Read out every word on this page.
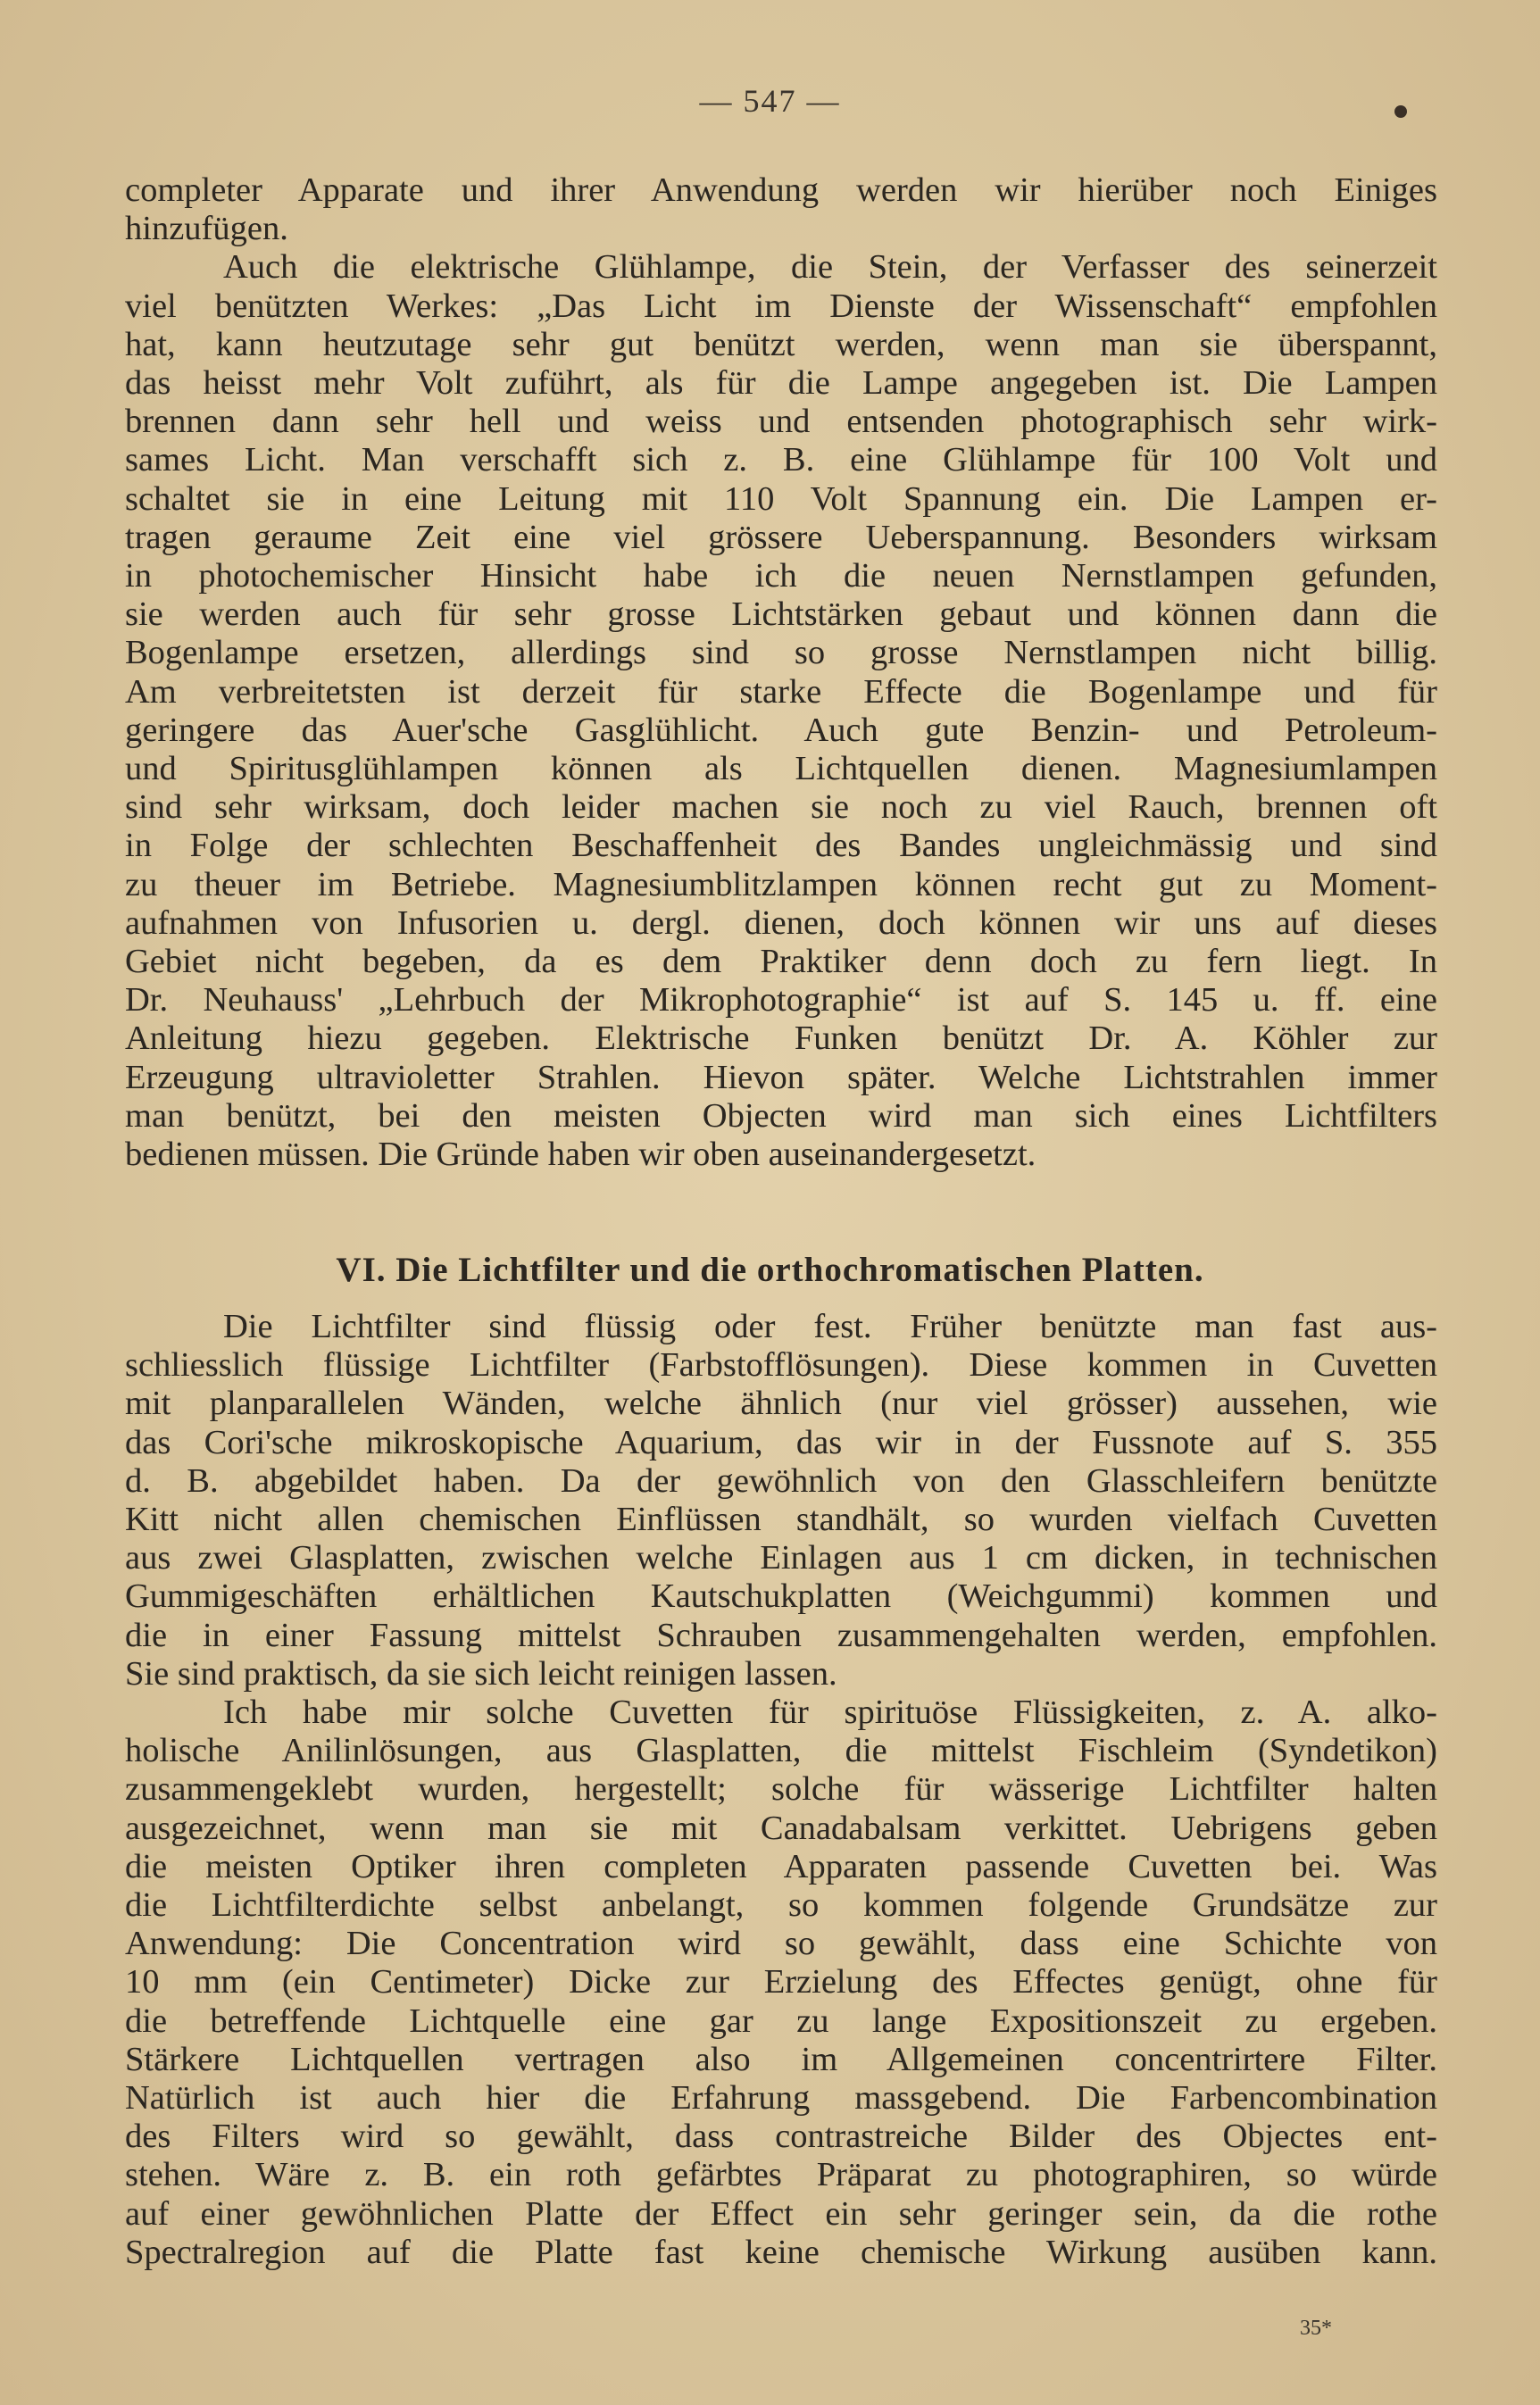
— 547 —
completer Apparate und ihrer Anwendung werden wir hierüber noch Einiges
hinzufügen.
Auch die elektrische Glühlampe, die Stein, der Verfasser des seinerzeit
viel benützten Werkes: „Das Licht im Dienste der Wissenschaft“ empfohlen
hat, kann heutzutage sehr gut benützt werden, wenn man sie überspannt,
das heisst mehr Volt zuführt, als für die Lampe angegeben ist. Die Lampen
brennen dann sehr hell und weiss und entsenden photographisch sehr wirk-
sames Licht. Man verschafft sich z. B. eine Glühlampe für 100 Volt und
schaltet sie in eine Leitung mit 110 Volt Spannung ein. Die Lampen er-
tragen geraume Zeit eine viel grössere Ueberspannung. Besonders wirksam
in photochemischer Hinsicht habe ich die neuen Nernstlampen gefunden,
sie werden auch für sehr grosse Lichtstärken gebaut und können dann die
Bogenlampe ersetzen, allerdings sind so grosse Nernstlampen nicht billig.
Am verbreitetsten ist derzeit für starke Effecte die Bogenlampe und für
geringere das Auer'sche Gasglühlicht. Auch gute Benzin- und Petroleum-
und Spiritusglühlampen können als Lichtquellen dienen. Magnesiumlampen
sind sehr wirksam, doch leider machen sie noch zu viel Rauch, brennen oft
in Folge der schlechten Beschaffenheit des Bandes ungleichmässig und sind
zu theuer im Betriebe. Magnesiumblitzlampen können recht gut zu Moment-
aufnahmen von Infusorien u. dergl. dienen, doch können wir uns auf dieses
Gebiet nicht begeben, da es dem Praktiker denn doch zu fern liegt. In
Dr. Neuhauss' „Lehrbuch der Mikrophotographie“ ist auf S. 145 u. ff. eine
Anleitung hiezu gegeben. Elektrische Funken benützt Dr. A. Köhler zur
Erzeugung ultravioletter Strahlen. Hievon später. Welche Lichtstrahlen immer
man benützt, bei den meisten Objecten wird man sich eines Lichtfilters
bedienen müssen. Die Gründe haben wir oben auseinandergesetzt.
VI. Die Lichtfilter und die orthochromatischen Platten.
Die Lichtfilter sind flüssig oder fest. Früher benützte man fast aus-
schliesslich flüssige Lichtfilter (Farbstofflösungen). Diese kommen in Cuvetten
mit planparallelen Wänden, welche ähnlich (nur viel grösser) aussehen, wie
das Cori'sche mikroskopische Aquarium, das wir in der Fussnote auf S. 355
d. B. abgebildet haben. Da der gewöhnlich von den Glasschleifern benützte
Kitt nicht allen chemischen Einflüssen standhält, so wurden vielfach Cuvetten
aus zwei Glasplatten, zwischen welche Einlagen aus 1 cm dicken, in technischen
Gummigeschäften erhältlichen Kautschukplatten (Weichgummi) kommen und
die in einer Fassung mittelst Schrauben zusammengehalten werden, empfohlen.
Sie sind praktisch, da sie sich leicht reinigen lassen.
Ich habe mir solche Cuvetten für spirituöse Flüssigkeiten, z. A. alko-
holische Anilinlösungen, aus Glasplatten, die mittelst Fischleim (Syndetikon)
zusammengeklebt wurden, hergestellt; solche für wässerige Lichtfilter halten
ausgezeichnet, wenn man sie mit Canadabalsam verkittet. Uebrigens geben
die meisten Optiker ihren completen Apparaten passende Cuvetten bei. Was
die Lichtfilterdichte selbst anbelangt, so kommen folgende Grundsätze zur
Anwendung: Die Concentration wird so gewählt, dass eine Schichte von
10 mm (ein Centimeter) Dicke zur Erzielung des Effectes genügt, ohne für
die betreffende Lichtquelle eine gar zu lange Expositionszeit zu ergeben.
Stärkere Lichtquellen vertragen also im Allgemeinen concentrirtere Filter.
Natürlich ist auch hier die Erfahrung massgebend. Die Farbencombination
des Filters wird so gewählt, dass contrastreiche Bilder des Objectes ent-
stehen. Wäre z. B. ein roth gefärbtes Präparat zu photographiren, so würde
auf einer gewöhnlichen Platte der Effect ein sehr geringer sein, da die rothe
Spectralregion auf die Platte fast keine chemische Wirkung ausüben kann.
35*
